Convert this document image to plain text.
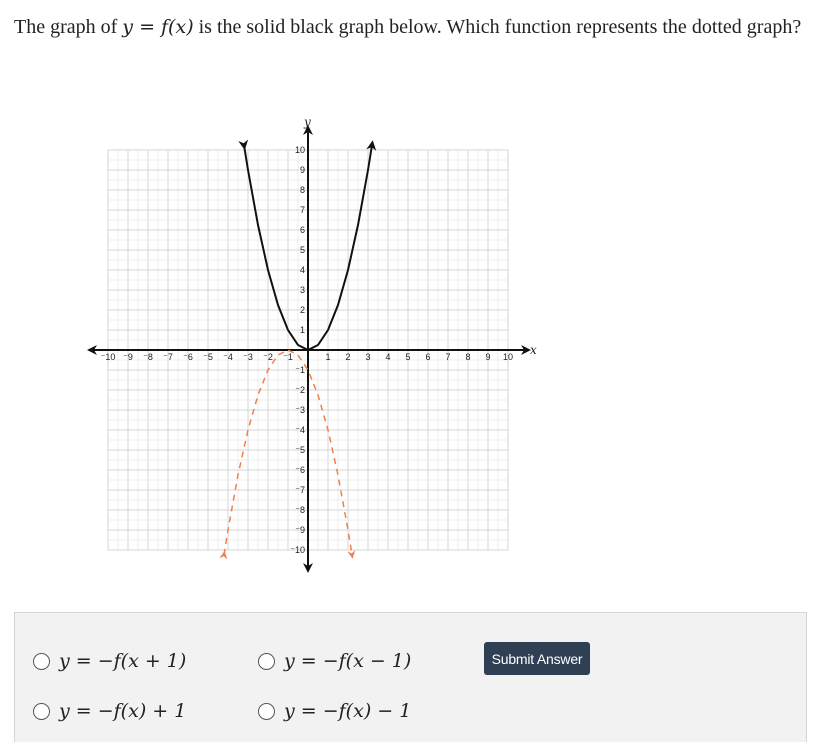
The graph of y = f(x) is the solid black graph below. Which function represents the dotted graph?
x
y
⁻10 ⁻9 ⁻8 ⁻7 ⁻6 ⁻5 ⁻4 ⁻3 ⁻2 ⁻1	1 2 3 4 5 6 7 8 9 10
⁻10
⁻9
⁻8
⁻7
⁻6
⁻5
⁻4
⁻3
⁻2
⁻1
1
2
3
4
5
6
7
8
9
10
y = −f(x + 1)	y = −f(x − 1)
y = −f(x) + 1	y = −f(x) − 1
Submit Answer
